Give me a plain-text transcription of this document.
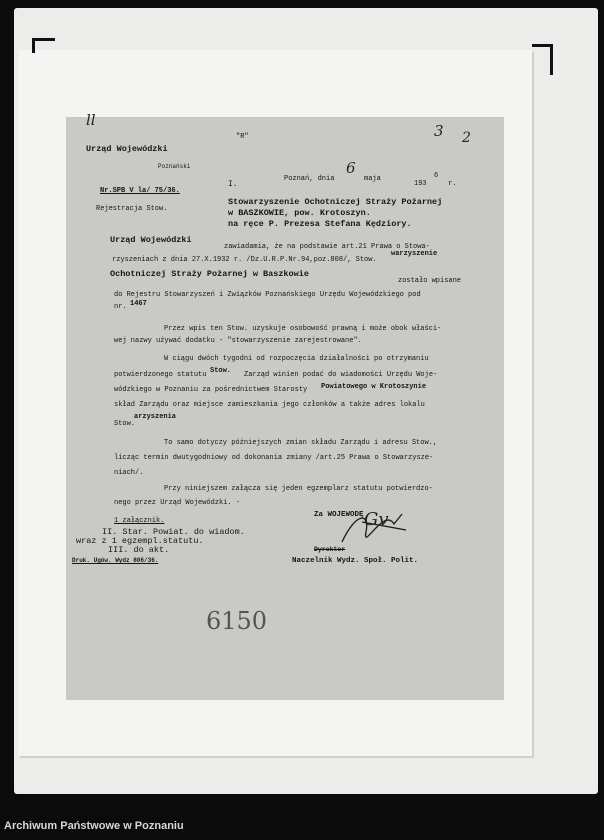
ll
Urząd Wojewódzki
"R"	3 2
Poznański
Poznań, dnia
6
maja
193
6
r.
Nr.SPB V la/ 75/36.
I.
Rejestracja Stow.
Stowarzyszenie Ochotniczej Straży Pożarnej
w BASZKOWIE, pow. Krotoszyn.
na ręce P. Prezesa Stefana Kędziory.
Urząd Wojewódzki
zawiadamia, że na podstawie art.21 Prawa o Stowa-
rzyszeniach z dnia 27.X.1932 r. /Dz.U.R.P.Nr.94,poz.808/, Stow.
warzyszenie
Ochotniczej Straży Pożarnej w Baszkowie
zostało wpisane
do Rejestru Stowarzyszeń i Związków Poznańskiego Urzędu Wojewódzkiego pod
nr. 1467
Przez wpis ten Stow. uzyskuje osobowość prawną i może obok właści-
wej nazwy używać dodatku - "stowarzyszenie zarejestrowane".
W ciągu dwóch tygodni od rozpoczęcia działalności po otrzymaniu
potwierdzonego statutu Stow. Zarząd winien podać do wiadomości Urzędu Woje-
wódzkiego w Poznaniu za pośrednictwem Starosty Powiatowego w Krotoszynie
skład Zarządu oraz miejsce zamieszkania jego członków a także adres lokalu
Stow.
arzyszenia
To samo dotyczy późniejszych zmian składu Zarządu i adresu Stow.,
licząc termin dwutygodniowy od dokonania zmiany /art.25 Prawa o Stowarzysze-
niach/.
Przy niniejszem załącza się jeden egzemplarz statutu potwierdzo-
nego przez Urząd Wojewódzki. -
1 załącznik.
II. Star. Powiat. do wiadom.
wraz z 1 egzempl.statutu.
III. do akt.
Druk. Ugów. Wydz 806/36.
Za WOJEWODĘ Gv
Dyrektor
Naczelnik Wydz. Społ. Polit.
6150
Archiwum Państwowe w Poznaniu
